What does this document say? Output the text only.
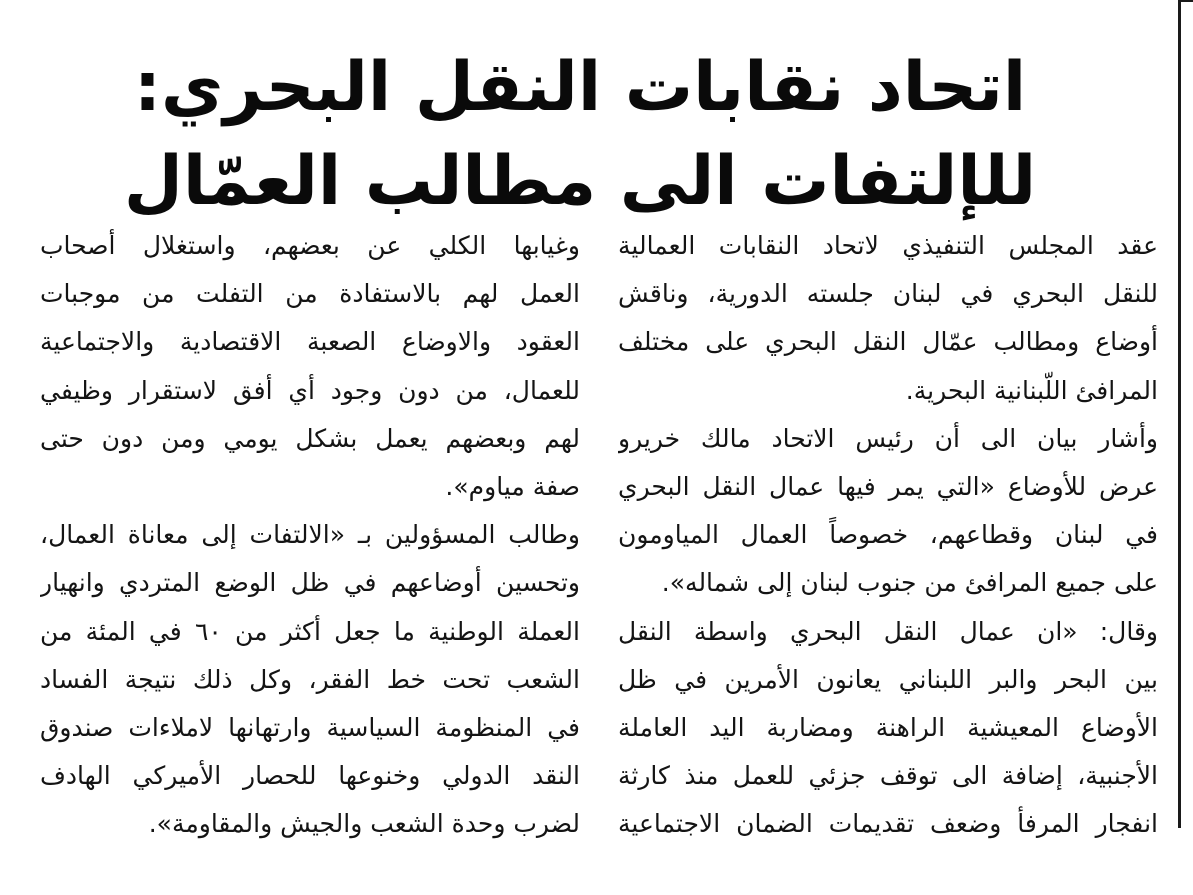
اتحاد نقابات النقل البحري:
للإلتفات الى مطالب العمّال
عقد المجلس التنفيذي لاتحاد النقابات العمالية
للنقل البحري في لبنان جلسته الدورية، وناقش
أوضاع ومطالب عمّال النقل البحري على مختلف
المرافئ اللّبنانية البحرية.
وأشار بيان الى أن رئيس الاتحاد مالك خريرو
عرض للأوضاع «التي يمر فيها عمال النقل البحري
في لبنان وقطاعهم، خصوصاً العمال المياومون
على جميع المرافئ من جنوب لبنان إلى شماله».
وقال: «ان عمال النقل البحري واسطة النقل
بين البحر والبر اللبناني يعانون الأمرين في ظل
الأوضاع المعيشية الراهنة ومضاربة اليد العاملة
الأجنبية، إضافة الى توقف جزئي للعمل منذ كارثة
انفجار المرفأ وضعف تقديمات الضمان الاجتماعية
وغيابها الكلي عن بعضهم، واستغلال أصحاب
العمل لهم بالاستفادة من التفلت من موجبات
العقود والاوضاع الصعبة الاقتصادية والاجتماعية
للعمال، من دون وجود أي أفق لاستقرار وظيفي
لهم وبعضهم يعمل بشكل يومي ومن دون حتى
صفة مياوم».
وطالب المسؤولين بـ «الالتفات إلى معاناة العمال،
وتحسين أوضاعهم في ظل الوضع المتردي وانهيار
العملة الوطنية ما جعل أكثر من ٦٠ في المئة من
الشعب تحت خط الفقر، وكل ذلك نتيجة الفساد
في المنظومة السياسية وارتهانها لاملاءات صندوق
النقد الدولي وخنوعها للحصار الأميركي الهادف
لضرب وحدة الشعب والجيش والمقاومة».
